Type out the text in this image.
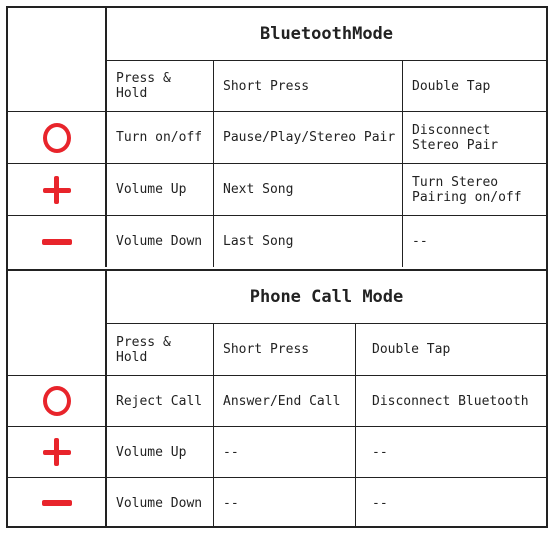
BluetoothMode
Press & Hold	Short Press	Double Tap
Turn on/off	Pause/Play/Stereo Pair	Disconnect Stereo Pair
Volume Up	Next Song	Turn Stereo Pairing on/off
Volume Down	Last Song	--
Phone Call Mode
Press & Hold	Short Press	Double Tap
Reject Call	Answer/End Call	Disconnect Bluetooth
Volume Up	--	--
Volume Down	--	--
